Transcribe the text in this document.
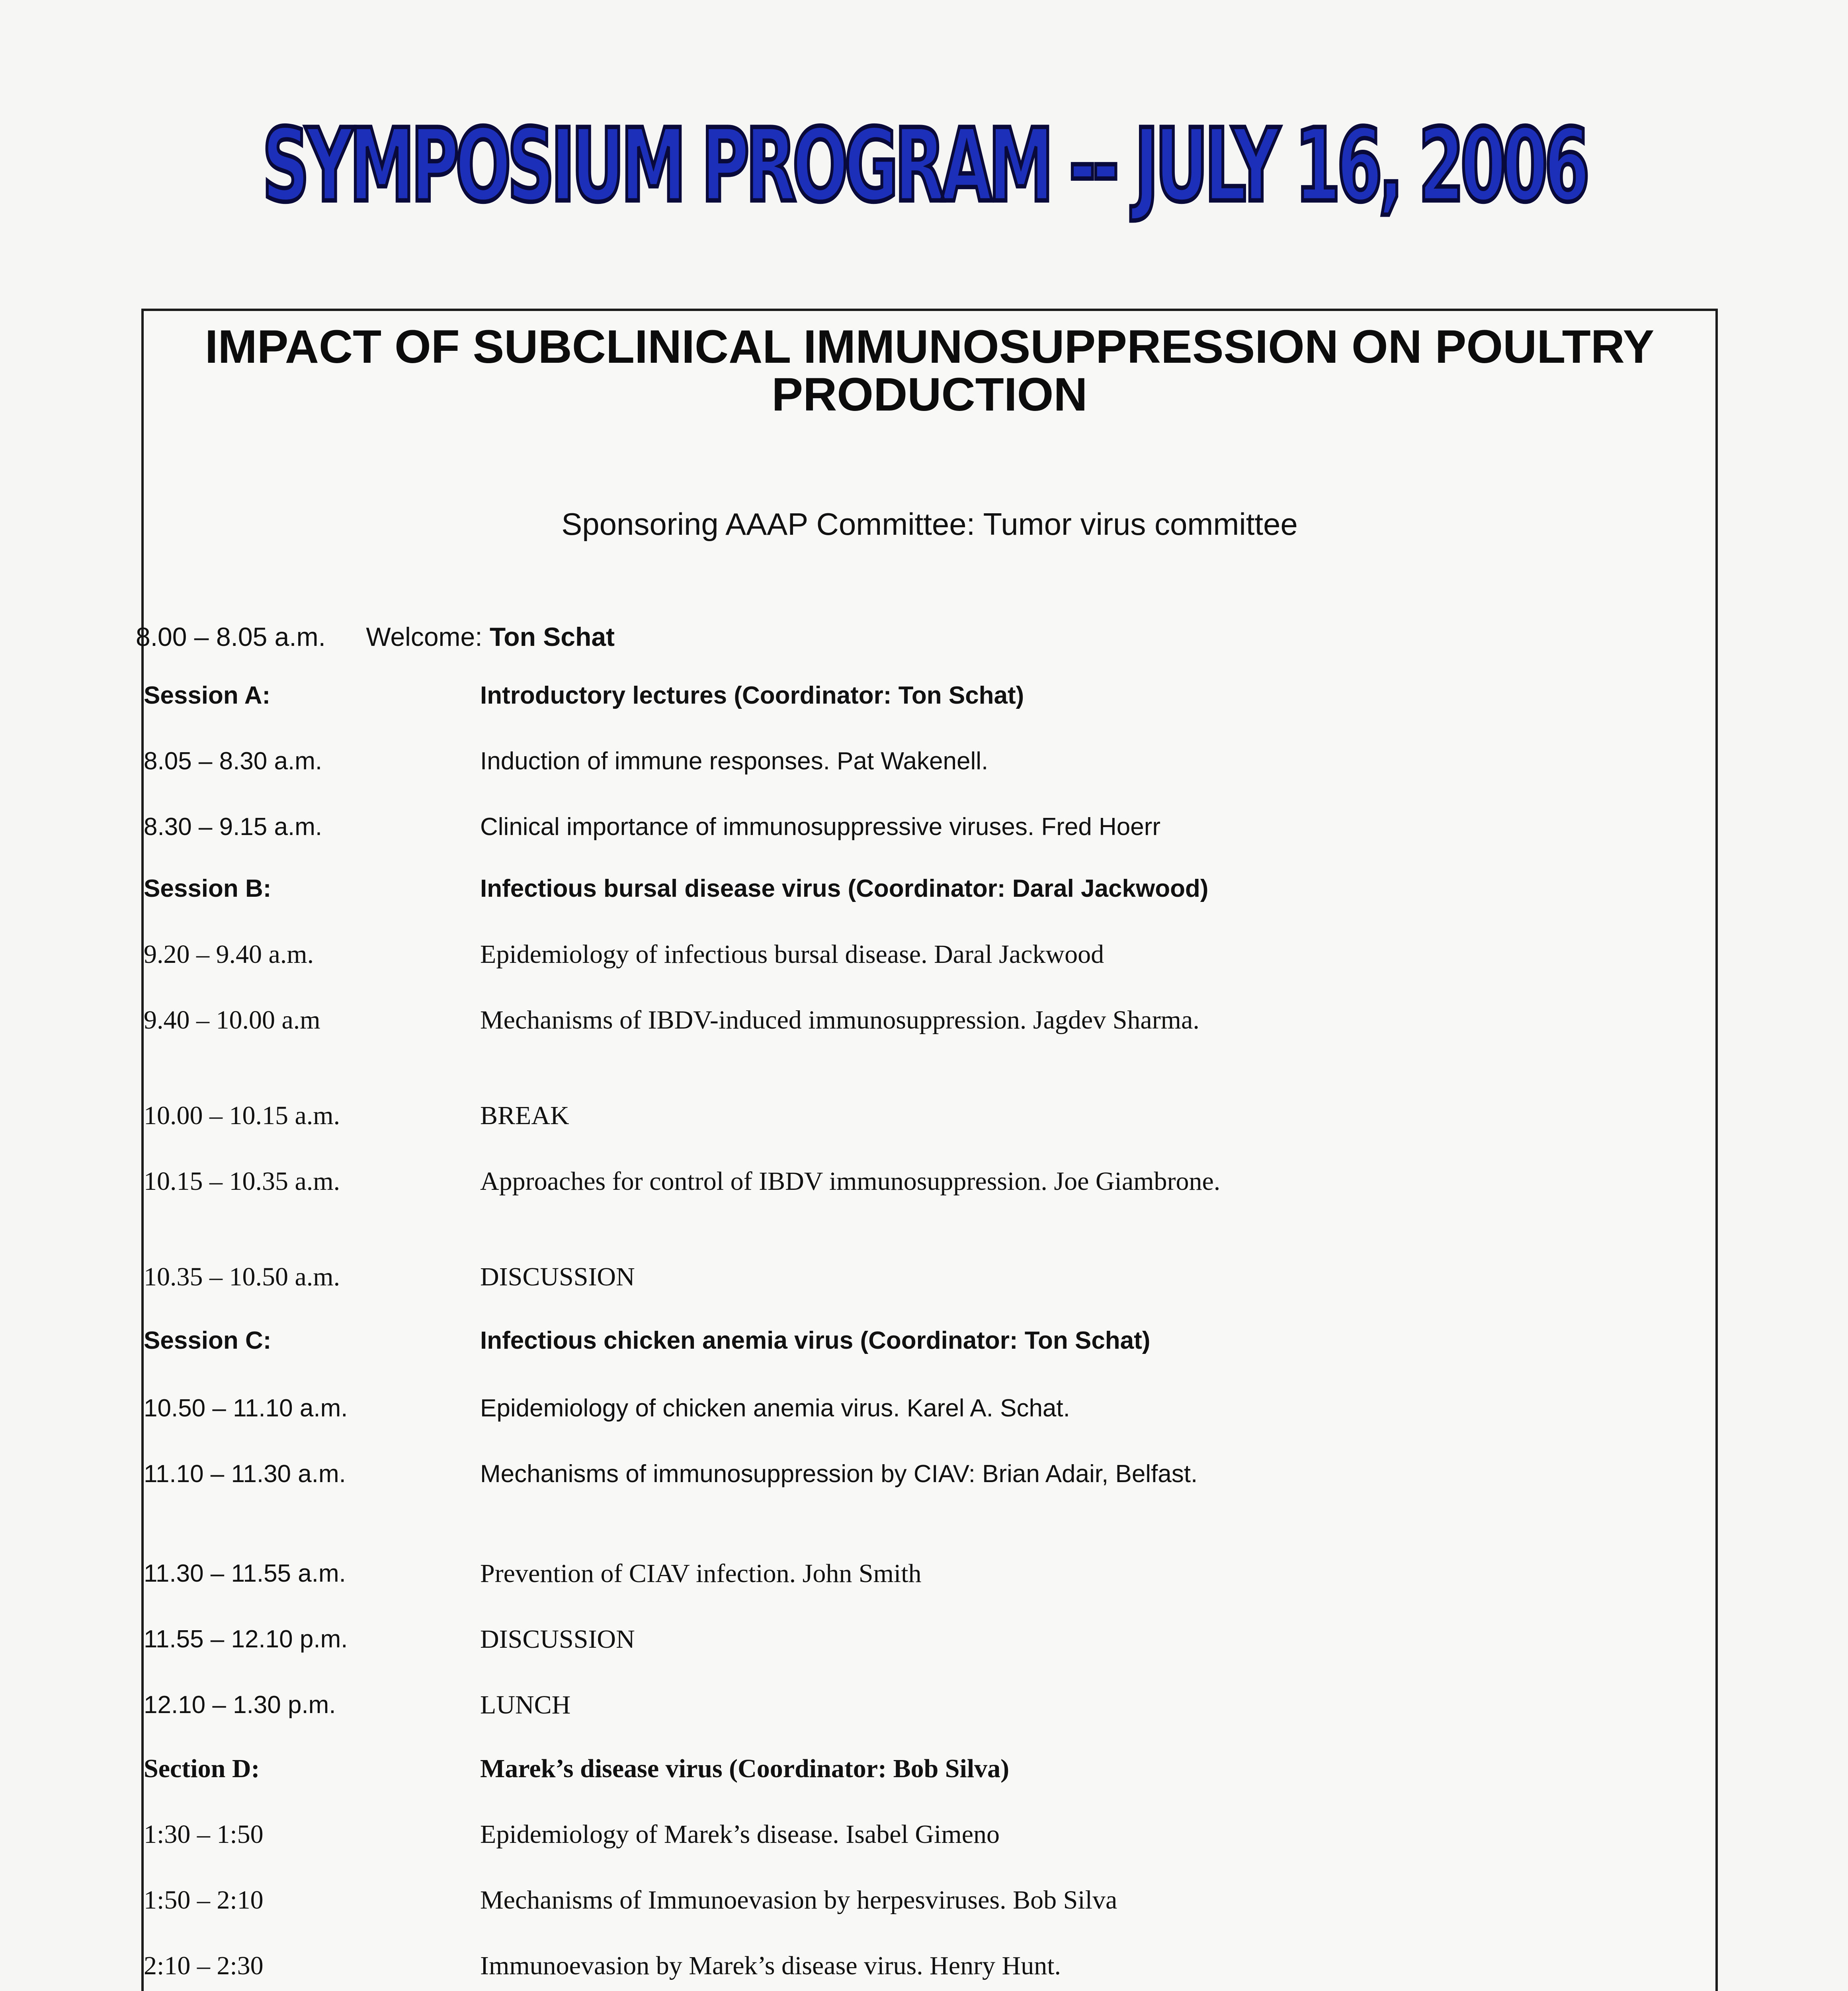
SYMPOSIUM PROGRAM -- JULY 16, 2006
IMPACT OF SUBCLINICAL IMMUNOSUPPRESSION ON POULTRY PRODUCTION
Sponsoring AAAP Committee: Tumor virus committee
8.00 – 8.05 a.m. Welcome: Ton Schat
Session A:	Introductory lectures (Coordinator: Ton Schat)
8.05 – 8.30 a.m.	Induction of immune responses. Pat Wakenell.
8.30 – 9.15 a.m.	Clinical importance of immunosuppressive viruses. Fred Hoerr
Session B:	Infectious bursal disease virus (Coordinator: Daral Jackwood)
9.20 – 9.40 a.m.	Epidemiology of infectious bursal disease. Daral Jackwood
9.40 – 10.00 a.m	Mechanisms of IBDV-induced immunosuppression. Jagdev Sharma.
10.00 – 10.15 a.m.	BREAK
10.15 – 10.35 a.m.	Approaches for control of IBDV immunosuppression. Joe Giambrone.
10.35 – 10.50 a.m.	DISCUSSION
Session C:	Infectious chicken anemia virus (Coordinator: Ton Schat)
10.50 – 11.10 a.m.	Epidemiology of chicken anemia virus. Karel A. Schat.
11.10 – 11.30 a.m.	Mechanisms of immunosuppression by CIAV: Brian Adair, Belfast.
11.30 – 11.55 a.m.	Prevention of CIAV infection. John Smith
11.55 – 12.10 p.m.	DISCUSSION
12.10 – 1.30 p.m.	LUNCH
Section D:	Marek’s disease virus (Coordinator: Bob Silva)
1:30 – 1:50	Epidemiology of Marek’s disease. Isabel Gimeno
1:50 – 2:10	Mechanisms of Immunoevasion by herpesviruses. Bob Silva
2:10 – 2:30	Immunoevasion by Marek’s disease virus. Henry Hunt.
